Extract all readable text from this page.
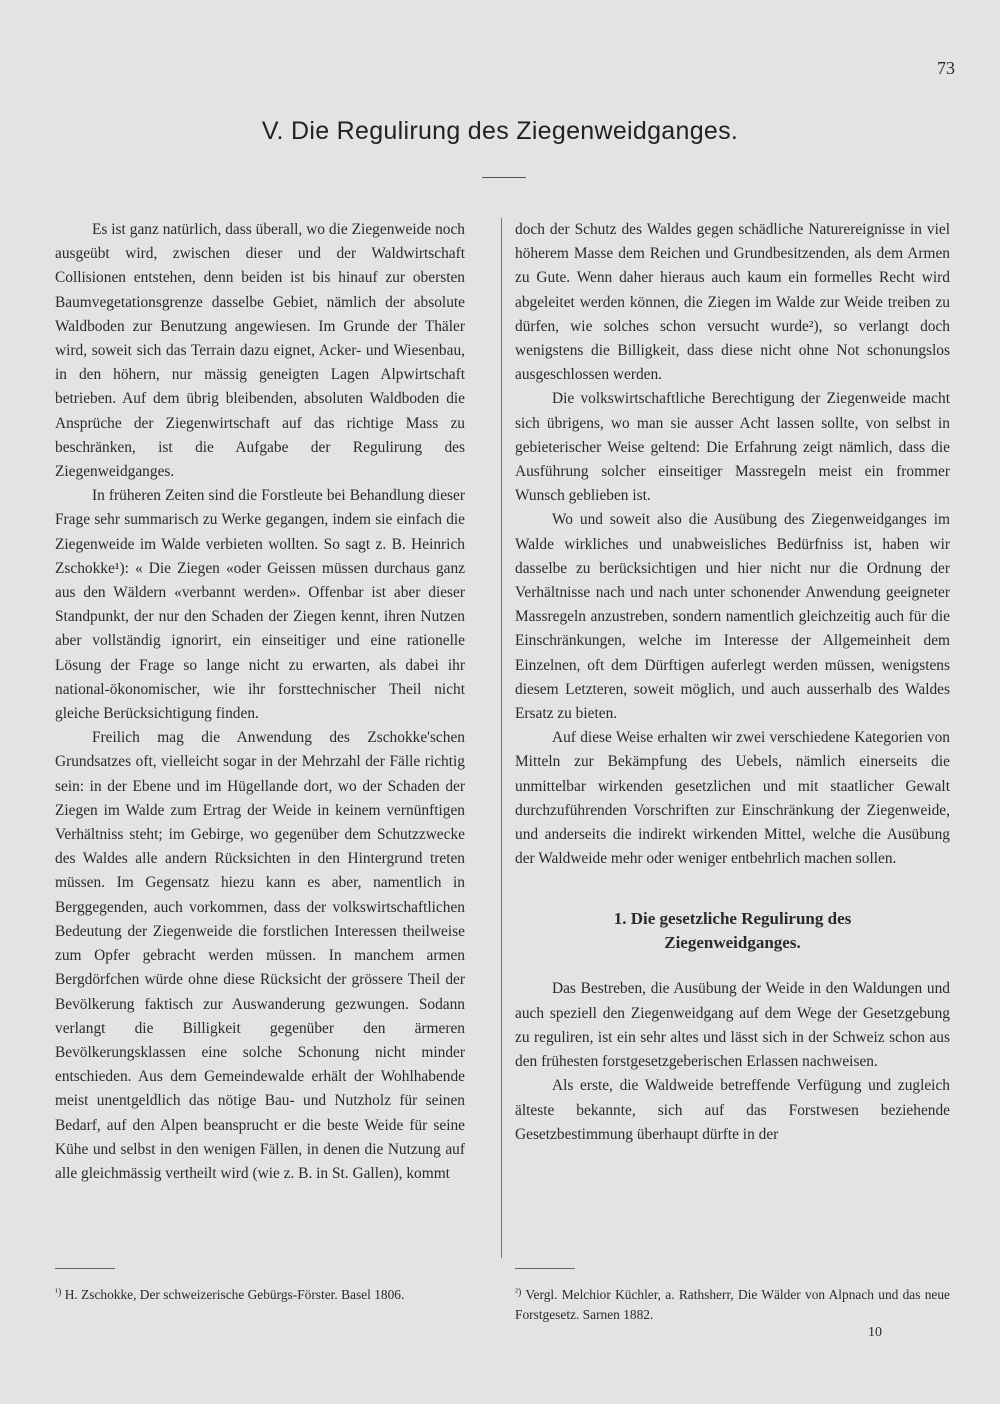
73
V. Die Regulirung des Ziegenweidganges.

Es ist ganz natürlich, dass überall, wo die Ziegenweide noch ausgeübt wird, zwischen dieser und der Waldwirtschaft Collisionen entstehen, denn beiden ist bis hinauf zur obersten Baumvegetationsgrenze dasselbe Gebiet, nämlich der absolute Waldboden zur Benutzung angewiesen. Im Grunde der Thäler wird, soweit sich das Terrain dazu eignet, Acker- und Wiesenbau, in den höhern, nur mässig geneigten Lagen Alpwirtschaft betrieben. Auf dem übrig bleibenden, absoluten Waldboden die Ansprüche der Ziegenwirtschaft auf das richtige Mass zu beschränken, ist die Aufgabe der Regulirung des Ziegenweidganges.

In früheren Zeiten sind die Forstleute bei Behandlung dieser Frage sehr summarisch zu Werke gegangen, indem sie einfach die Ziegenweide im Walde verbieten wollten. So sagt z. B. Heinrich Zschokke¹): « Die Ziegen «oder Geissen müssen durchaus ganz aus den Wäldern «verbannt werden». Offenbar ist aber dieser Standpunkt, der nur den Schaden der Ziegen kennt, ihren Nutzen aber vollständig ignorirt, ein einseitiger und eine rationelle Lösung der Frage so lange nicht zu erwarten, als dabei ihr national-ökonomischer, wie ihr forsttechnischer Theil nicht gleiche Berücksichtigung finden.

Freilich mag die Anwendung des Zschokke'schen Grundsatzes oft, vielleicht sogar in der Mehrzahl der Fälle richtig sein: in der Ebene und im Hügellande dort, wo der Schaden der Ziegen im Walde zum Ertrag der Weide in keinem vernünftigen Verhältniss steht; im Gebirge, wo gegenüber dem Schutzzwecke des Waldes alle andern Rücksichten in den Hintergrund treten müssen. Im Gegensatz hiezu kann es aber, namentlich in Berggegenden, auch vorkommen, dass der volkswirtschaftlichen Bedeutung der Ziegenweide die forstlichen Interessen theilweise zum Opfer gebracht werden müssen. In manchem armen Bergdörfchen würde ohne diese Rücksicht der grössere Theil der Bevölkerung faktisch zur Auswanderung gezwungen. Sodann verlangt die Billigkeit gegenüber den ärmeren Bevölkerungsklassen eine solche Schonung nicht minder entschieden. Aus dem Gemeindewalde erhält der Wohlhabende meist unentgeldlich das nötige Bau- und Nutzholz für seinen Bedarf, auf den Alpen beansprucht er die beste Weide für seine Kühe und selbst in den wenigen Fällen, in denen die Nutzung auf alle gleichmässig vertheilt wird (wie z. B. in St. Gallen), kommt

doch der Schutz des Waldes gegen schädliche Naturereignisse in viel höherem Masse dem Reichen und Grundbesitzenden, als dem Armen zu Gute. Wenn daher hieraus auch kaum ein formelles Recht wird abgeleitet werden können, die Ziegen im Walde zur Weide treiben zu dürfen, wie solches schon versucht wurde²), so verlangt doch wenigstens die Billigkeit, dass diese nicht ohne Not schonungslos ausgeschlossen werden.

Die volkswirtschaftliche Berechtigung der Ziegenweide macht sich übrigens, wo man sie ausser Acht lassen sollte, von selbst in gebieterischer Weise geltend: Die Erfahrung zeigt nämlich, dass die Ausführung solcher einseitiger Massregeln meist ein frommer Wunsch geblieben ist.

Wo und soweit also die Ausübung des Ziegenweidganges im Walde wirkliches und unabweisliches Bedürfniss ist, haben wir dasselbe zu berücksichtigen und hier nicht nur die Ordnung der Verhältnisse nach und nach unter schonender Anwendung geeigneter Massregeln anzustreben, sondern namentlich gleichzeitig auch für die Einschränkungen, welche im Interesse der Allgemeinheit dem Einzelnen, oft dem Dürftigen auferlegt werden müssen, wenigstens diesem Letzteren, soweit möglich, und auch ausserhalb des Waldes Ersatz zu bieten.

Auf diese Weise erhalten wir zwei verschiedene Kategorien von Mitteln zur Bekämpfung des Uebels, nämlich einerseits die unmittelbar wirkenden gesetzlichen und mit staatlicher Gewalt durchzuführenden Vorschriften zur Einschränkung der Ziegenweide, und anderseits die indirekt wirkenden Mittel, welche die Ausübung der Waldweide mehr oder weniger entbehrlich machen sollen.

1. Die gesetzliche Regulirung des
Ziegenweidganges.

Das Bestreben, die Ausübung der Weide in den Waldungen und auch speziell den Ziegenweidgang auf dem Wege der Gesetzgebung zu reguliren, ist ein sehr altes und lässt sich in der Schweiz schon aus den frühesten forstgesetzgeberischen Erlassen nachweisen.

Als erste, die Waldweide betreffende Verfügung und zugleich älteste bekannte, sich auf das Forstwesen beziehende Gesetzbestimmung überhaupt dürfte in der

$^{^1)}$ H. Zschokke, Der schweizerische Gebürgs-Förster. Basel 1806.	$^{^2)}$ Vergl. Melchior Küchler, a. Rathsherr, Die Wälder von Alpnach und das neue Forstgesetz. Sarnen 1882.
10
